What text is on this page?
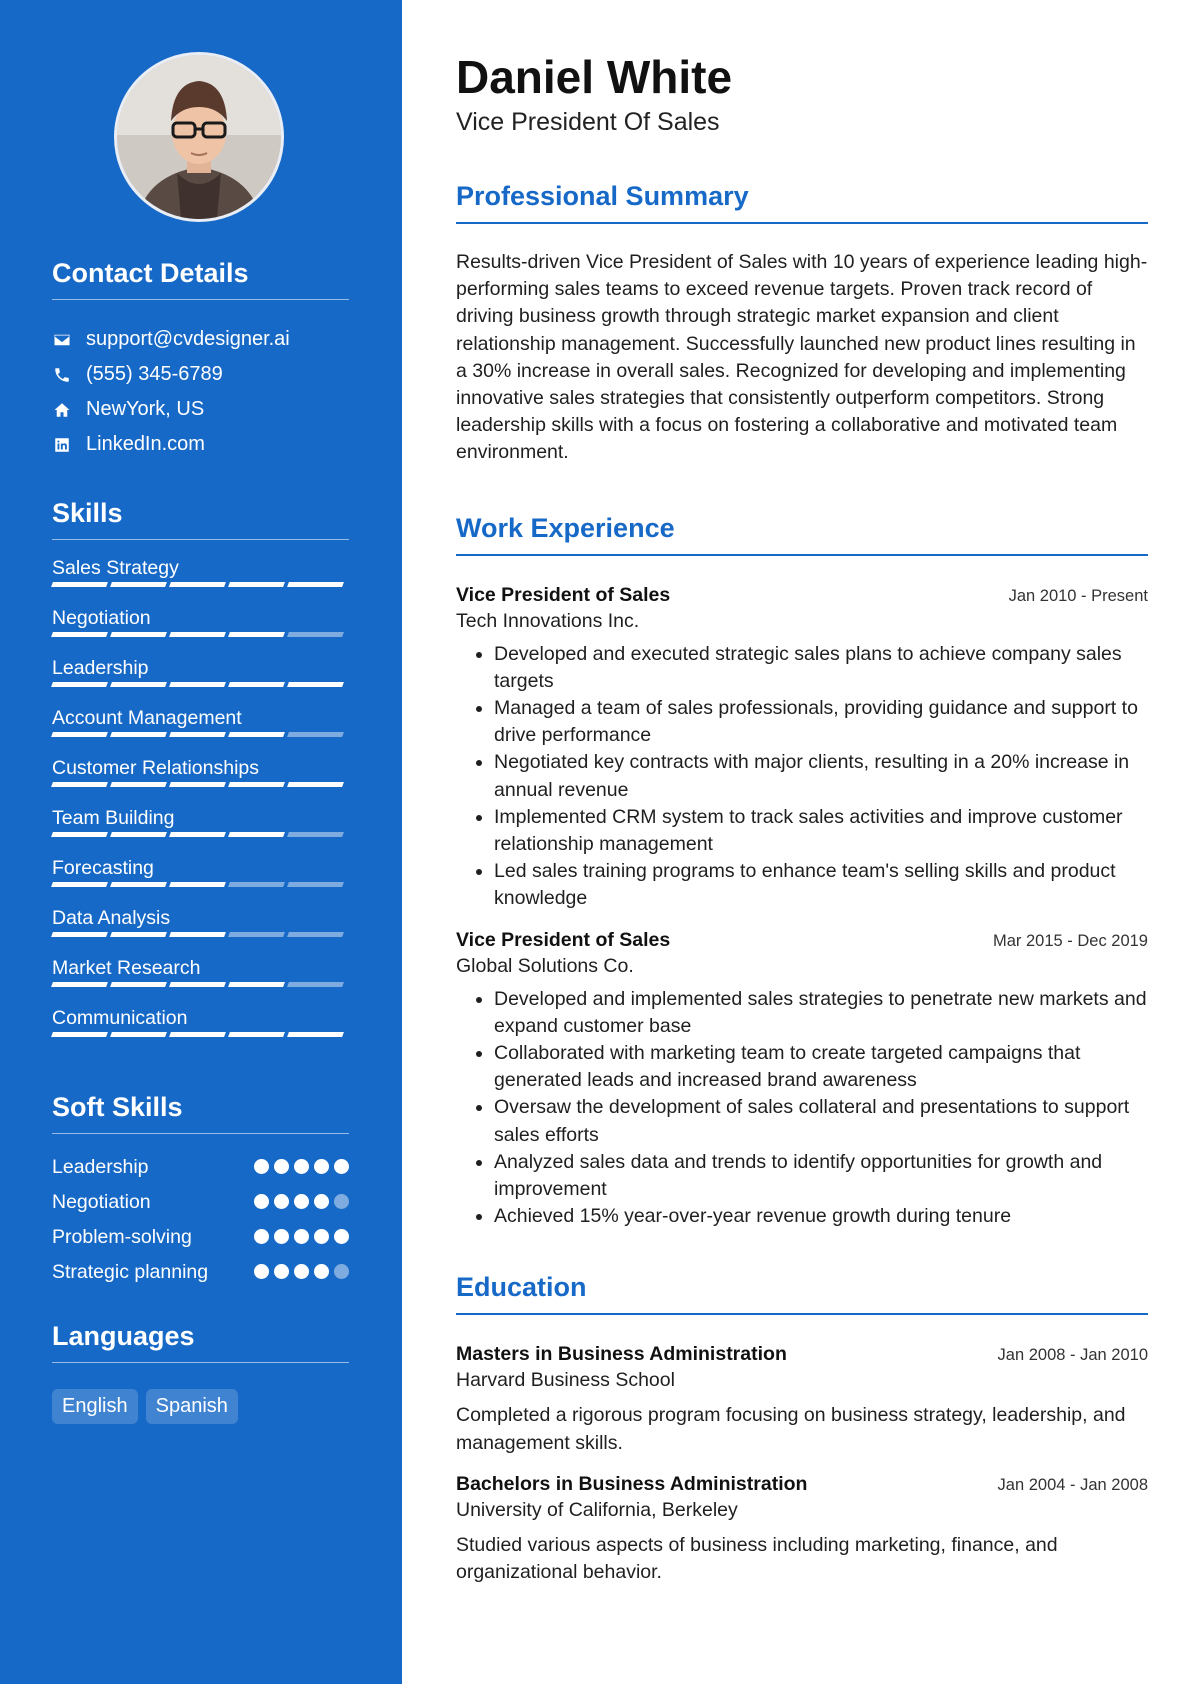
Contact Details
support@cvdesigner.ai
(555) 345-6789
NewYork, US
LinkedIn.com
Skills
Sales Strategy
Negotiation
Leadership
Account Management
Customer Relationships
Team Building
Forecasting
Data Analysis
Market Research
Communication
Soft Skills
Leadership
Negotiation
Problem-solving
Strategic planning
Languages
English	Spanish
Daniel White
Vice President Of Sales
Professional Summary

Results-driven Vice President of Sales with 10 years of experience leading high-performing sales teams to exceed revenue targets. Proven track record of driving business growth through strategic market expansion and client relationship management. Successfully launched new product lines resulting in a 30% increase in overall sales. Recognized for developing and implementing innovative sales strategies that consistently outperform competitors. Strong leadership skills with a focus on fostering a collaborative and motivated team environment.

Work Experience
Vice President of Sales	Jan 2010 - Present
Tech Innovations Inc.
• Developed and executed strategic sales plans to achieve company sales targets
• Managed a team of sales professionals, providing guidance and support to drive performance
• Negotiated key contracts with major clients, resulting in a 20% increase in annual revenue
• Implemented CRM system to track sales activities and improve customer relationship management
• Led sales training programs to enhance team's selling skills and product knowledge
Vice President of Sales	Mar 2015 - Dec 2019
Global Solutions Co.
• Developed and implemented sales strategies to penetrate new markets and expand customer base
• Collaborated with marketing team to create targeted campaigns that generated leads and increased brand awareness
• Oversaw the development of sales collateral and presentations to support sales efforts
• Analyzed sales data and trends to identify opportunities for growth and improvement
• Achieved 15% year-over-year revenue growth during tenure
Education
Masters in Business Administration	Jan 2008 - Jan 2010
Harvard Business School
Completed a rigorous program focusing on business strategy, leadership, and management skills.
Bachelors in Business Administration	Jan 2004 - Jan 2008
University of California, Berkeley
Studied various aspects of business including marketing, finance, and organizational behavior.
